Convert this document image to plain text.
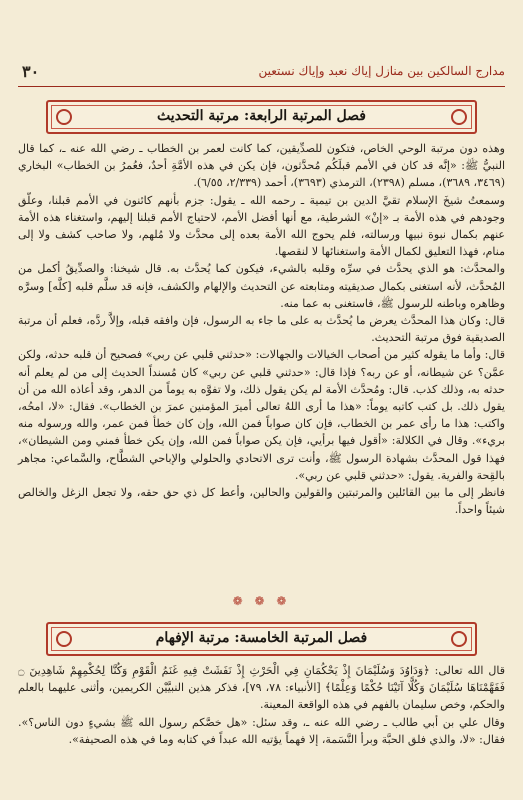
مدارج السالكين بين منازل إياك نعبد وإياك نستعين
٣٠
فصل المرتبة الرابعة: مرتبة التحديث

وهذه دون مرتبة الوحي الخاص، فتكون للصدِّيقين، كما كانت لعمر بن الخطاب ـ رضي الله عنه ـ، كما قال النبيُّ ﷺ: «إنَّه قد كان في الأمم قبلَكُم مُحدَّثون، فإن يكن في هذه الأمَّةِ أحدٌ، فعُمرُ بن الخطاب» البخاري (٣٤٦٩، ٣٦٨٩)، مسلم (٢٣٩٨)، الترمذي (٣٦٩٣)، أحمد (٢/٣٣٩، ٦/٥٥).

وسمعتُ شيخَ الإسلام تقيَّ الدين بن تيمية ـ رحمه الله ـ يقول: جزم بأنهم كائنون في الأمم قبلنا، وعلّق وجودهم في هذه الأمة بـ «إنْ» الشرطية، مع أنها أفضل الأمم، لاحتياج الأمم قبلنا إليهم، واستغناء هذه الأمة عنهم بكمال نبوة نبيها ورسالته، فلم يحوج الله الأمة بعده إلى محدَّث ولا مُلهم، ولا صاحب كشف ولا إلى منام، فهذا التعليق لكمال الأمة واستغنائها لا لنقصها.

والمحدَّث: هو الذي يحدَّث في سرِّه وقلبه بالشيء، فيكون كما يُحدَّث به. قال شيخنا: والصدِّيقُ أكمل من المُحدَّث، لأنه استغنى بكمال صديقيته ومتابعته عن التحديث والإلهام والكشف، فإنه قد سلَّم قلبه [كلَّه] وسرَّه وظاهره وباطنه للرسول ﷺ، فاستغنى به عما منه.

قال: وكان هذا المحدَّث يعرض ما يُحدَّث به على ما جاء به الرسول، فإن وافقه قبله، وإلاَّ ردَّه، فعلم أن مرتبة الصديقية فوق مرتبة التحديث.

قال: وأما ما يقوله كثير من أصحاب الخيالات والجهالات: «حدثني قلبي عن ربي» فصحيح أن قلبه حدثه، ولكن عمَّن؟ عن شيطانه، أو عن ربه؟ فإذا قال: «حدثني قلبي عن ربي» كان مُسنداً الحديث إلى من لم يعلم أنه حدثه به، وذلك كذب. قال: ومُحدَّث الأمة لم يكن يقول ذلك، ولا تفوَّه به يوماً من الدهر، وقد أعاذه الله من أن يقول ذلك. بل كتب كاتبه يوماً: «هذا ما أرى اللهُ تعالى أميرَ المؤمنين عمرَ بن الخطاب». فقال: «لا، امحُه، واكتب: هذا ما رأى عمر بن الخطاب، فإن كان صواباً فمن الله، وإن كان خطأ فمن عمر، والله ورسوله منه بريء». وقال في الكلالة: «أقول فيها برأيي، فإن يكن صواباً فمن الله، وإن يكن خطأ فمني ومن الشيطان»، فهذا قول المحدَّث بشهادة الرسول ﷺ، وأنت ترى الاتحادي والحلولي والإباحي الشطَّاح، والسَّماعي: مجاهر بالقِحة والفرية. يقول: «حدثني قلبي عن ربي».

فانظر إلى ما بين القائلين والمرتبتين والقولين والحالين، وأعط كل ذي حق حقه، ولا تجعل الزغل والخالص شيئاً واحداً.

❁ ❁ ❁
فصل المرتبة الخامسة: مرتبة الإفهام

قال الله تعالى: ﴿وَدَاوُدَ وَسُلَيْمَانَ إِذْ يَحْكُمَانِ فِي الْحَرْثِ إِذْ نَفَشَتْ فِيهِ غَنَمُ الْقَوْمِ وَكُنَّا لِحُكْمِهِمْ شَاهِدِينَ ۝ فَفَهَّمْنَاهَا سُلَيْمَانَ وَكُلًّا آتَيْنَا حُكْمًا وَعِلْمًا﴾ [الأنبياء: ٧٨، ٧٩]، فذكر هذين النبيَّيْن الكريمين، وأثنى عليهما بالعلم والحكم، وخص سليمان بالفهم في هذه الواقعة المعينة.

وقال علي بن أبي طالب ـ رضي الله عنه ـ، وقد سئل: «هل خصَّكم رسول الله ﷺ بشيءٍ دون الناس؟». فقال: «لا، والذي فلق الحبَّة وبرأ النَّسَمة، إلا فهماً يؤتيه الله عبداً في كتابه وما في هذه الصحيفة».
